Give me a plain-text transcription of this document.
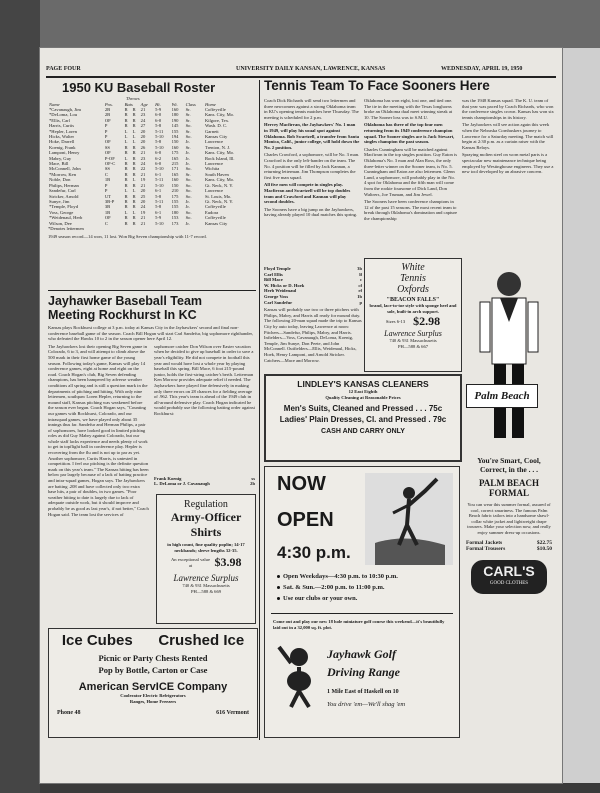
PAGE FOUR	UNIVERSITY DAILY KANSAN, LAWRENCE, KANSAS	WEDNESDAY, APRIL 19, 1950
1950 KU Baseball Roster
Throws
Name	Pos.	Bats		Age	Ht.	Wt.	Class	Home
*Cavanaugh, Jim	2B	R	R	21	5-9	160	Sr.	Coffeyville
*DeLoma, Lou	2B	R	R	23	6-0	180	Sr.	Kans. City, Mo.
*Ellis, Carl	OF	R	R	24	6-0	190	Sr.	Kilgore, Tex.
Harris, Curtis	P	R	R	27	5-8	145	So.	Wash. D. C.
*Hepler, Loren	P	L	L	20	5-11	155	Sr.	Garnett
Hicks, Walter	P	L	L	20	5-10	194	So.	Kansas City
Hoke, Darrell	OF	L	L	20	5-8	150	Jr.	Lawrence
Koenig, Frank	SS	R	R	26	5-10	160	Sr.	Trenton, N. J.
Lamponi, Henry	OF	R	R	21	6-0	175	Jr.	Kans. City, Mo.
Mabry, Guy	P-OF	L	R	23	6-2	165	Jr.	Rock Island, Ill.
Mace, Bill	OF-C	R	R	24	6-0	215	Jr.	Lawrence
McConnell, John	SS	R	R	22	5-10	171	So.	Wichita
*Morrow, Ken	C	R	R	21	6-1	165	Sr.	South Haven
Noble, Don	1B	R	L	19	5-11	160	So.	Kans. City, Mo.
Philips, Herman	P	R	R	21	5-10	150	So.	Gt. Neck, N. Y.
Sandefur, Carl	P	L	L	20	6-1	210	So.	Lawrence
Stricker, Arnold	UT	R	R	25	5-8	175	So.	St. Louis, Mo.
Sunye, Jim	3B-P	R	R	20	5-11	155	Jr.	Gt. Neck, N. Y.
*Temple, Floyd	3B	R	R	24	5-8	155	Jr.	Coffeyville
Voss, George	1B	L	L	19	6-1	180	So.	Eudora
*Weidenaul, Herb	OF	R	R	21	5-9	153	So.	Coffeyville
Wilson, Dee	C	R	R	21	5-10	173	Jr.	Kansas City
*Denotes lettermen
1949 season record—14 won, 11 lost. Won Big Seven championship with 11-7 record.
Jayhawker Baseball Team
Meeting Rockhurst In KC

Kansas plays Rockhurst college at 3 p.m. today at Kansas City in the Jayhawkers' second and final non-conference baseball game of the season. Coach Bill Hogan will start Carl Sandefur, big sophomore righthander, who defeated the Hawks 10 to 2 in the season opener here April 12.

The Jayhawkers lost their opening Big Seven game in Colorado, 6 to 3, and will attempt to climb above the 500 mark in their first home game of the young season. Following today's game, Kansas will play 14 conference games, eight at home and eight on the road. Coach Hogan's club, Big Seven defending champions, has been hampered by adverse weather conditions all spring and is still a question mark in the departments of pitching and hitting. With only nine lettermen, southpaw Loren Hepler, returning to the mound staff, Kansas pitching was weakened before the season ever began. Coach Hogan says, "Counting our games with Rockhurst, Colorado, and our intrasquad games, we have played only about 35 innings thus far. Sandefur and Herman Philips, a pair of sophomores, have looked good in limited pitching roles as did Guy Mabry against Colorado, but our whole staff lacks experience and needs plenty of work to get in topflight ball in conference play. Hepler is recovering from the flu and is not up to par as yet. Another sophomore, Curtis Harris, is untested in competition. I feel our pitching is the definite question mark on this year's team." The Kansas hitting has been below par largely because of a lack of batting practice and intra-squad games, Hogan says. The Jayhawkers are batting .208 and have collected only two extra base hits, a pair of doubles, in two games. "Poor weather hitting to date is largely due to lack of adequate outside work, but it should improve and probably be as good as last year's, if not better," Coach Hogan said. The team lost the services of

sophomore catcher Don Wilson over Easter vacation when he decided to give up baseball in order to save a year's eligibility. He did not compete in football this year and would have lost a whole year by playing baseball this spring. Bill Mace, 6 foot 215-pound junior, holds the first-string catcher's berth. Letterman Ken Morrow provides adequate relief if needed. The Jayhawkers have played fine defensively in making only three errors on 28 chances for a fielding average of .962. This year's team is ahead of the 1949 club in all-around defensive play. Coach Hogan indicated he would probably use the following batting order against Rockhurst:

Frank Koenig	ss
L. DeLoma or J. Cavanaugh	2b
Regulation
Army-Officer
Shirts
in high count, fine quality poplin; 14-17 neckbands; sleeve lengths 32-35.
An exceptional value at	$3.98
Lawrence Surplus
740 & 931 Massachusetts
PH—588 & 669
Ice Cubes Crushed Ice
Picnic or Party Chests Rented
Pop by Bottle, Carton or Case
American ServICE Company
Coolerator Electric Refrigerators
Ranges, Home Freezers
Phone 48	616 Vermont
Tennis Team To Face Sooners Here

Coach Dick Richards will send two lettermen and three newcomers against a strong Oklahoma team in KU's opening tennis matches here Thursday. The meeting is scheduled for 2 p.m.

Hervey Macfirran, the Jayhawkers' No. 1 man in 1949, will play his usual spot against Oklahoma. Bob Swartzell, a transfer from Santa Monica, Calif., junior college, will hold down the No. 2 position.

Charles Crawford, a sophomore, will be No. 3 man. Crawford is the only left-hander on the team. The No. 4 position will be filled by Jack Kannan, a returning letterman. Jim Thompson completes the first five man squad.

All five men will compete in singles play. Macfirran and Swartzell will be top doubles team and Crawford and Kannan will play second doubles.

The Sooners have a big jump on the Jayhawkers, having already played 10 dual matches this spring.

Oklahoma has won eight, lost one, and tied one. The tie in the meeting with the Texas longhorns broke an Oklahoma dual meet winning streak at 10. The Sooner loss was to S.M.U.

Oklahoma has three of the top four men returning from its 1949 conference champion squad. The Sooner singles ace is Jack Stewart, singles champion the past season.

Charles Cunningham will be matched against Macfirran in the top singles position. Guy Eaton is Oklahoma's No. 3 man and Alan Ross, the only three-letter winner on the Sooner team, is No. 5. Cunningham and Eaton are also lettermen. Glenn Lund, a sophomore, will probably play in the No. 4 spot for Oklahoma and the fifth man will come from the rookie foursome of Dick Land, Don Waltrers, Joe Truman, and Jim Jewel.

The Sooners have been conference champions in 12 of the past 15 seasons. The most recent team to break through Oklahoma's domination and capture the championship

was the 1948 Kansas squad. The K. U. team of that year was paced by Coach Richards, who won the conference singles crown. Kansas has won six tennis championships in its history.

The Jayhawkers will see action again this week when the Nebraska Cornhuskers journey to Lawrence for a Saturday meeting. The match will begin at 2:30 p.m. as a curtain raiser with the Kansas Relays.

Spraying molten steel on worn metal parts is a spectacular new maintenance technique being employed by Westinghouse engineers. They use a new tool developed by an abrasive concern.

Floyd Temple	3b
Carl Ellis	lf
Bill Mace	c
W. Hicks or D. Hoek	cf
Herb Weidenaul	rf
George Voss	1b
Carl Sandefur	p

Kansas will probably use two or three pitchers with Philips, Mabry, and Harris all ready for mound duty. The following 20-man squad made the trip to Kansas City by auto today, leaving Lawrence at noon: Pitchers—Sandefur, Philips, Mabry, and Harris. Infielders—Voss, Cavanaugh, DeLoma, Koenig, Temple, Jim Sunye, Don Peete, and John McConnell. Outfielders—Ellis, Weidenaul, Hicks, Hoek, Henry Lamponi, and Arnold Stricker. Catchers—Mace and Morrow.

White
Tennis
Oxfords
"BEACON FALLS"
brand, lace-to-toe style with sponge heel and sole, built-in arch support.
Sizes 6-13 $2.98
Lawrence Surplus
740 & 931 Massachusetts
PH—588 & 667
LINDLEY'S KANSAS CLEANERS
12 East Eighth
Quality Cleaning at Reasonable Prices
Men's Suits, Cleaned and Pressed . . . 75c
Ladies' Plain Dresses, Cl. and Pressed . 79c
CASH AND CARRY ONLY
NOW
OPEN
4:30 p.m.
Open Weekdays—4:30 p.m. to 10:30 p.m.
Sat. & Sun.—2:00 p.m. to 11:00 p.m.
Use our clubs or your own.
Come out and play our new 18 hole miniature golf course this weekend—it's beautifully laid out in a 32,000 sq. ft. plot.
Jayhawk Golf
Driving Range
1 Mile East of Haskell on 10
You drive 'em—We'll shag 'em
Palm Beach
You're Smart, Cool,
Correct, in the . . .
PALM BEACH
FORMAL
You can wear this summer formal, assured of cool, correct smartness. The famous Palm Beach fabric tailors into a handsome shawl-collar white jacket and lightweight drape trousers. Make your selection now, and really enjoy summer dress-up occasions.
Formal Jackets	$22.75
Formal Trousers	$10.50
CARL'S
GOOD CLOTHES
